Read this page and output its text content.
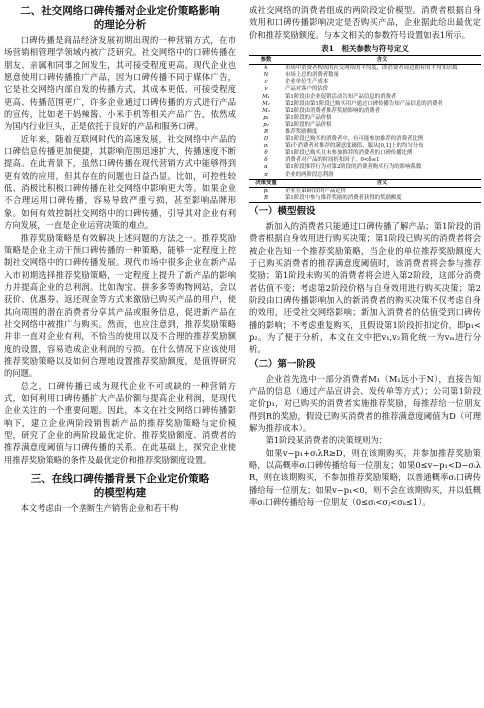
二、社交网络口碑传播对企业定价策略影响
的理论分析

口碑传播是商品经济发展初期出现的一种营销方式，在市场营销相管理学领域内被广泛研究。社交网络中的口碑传播在朋友、亲属和同事之间发生，其可接受程度更高。现代企业也愿意使用口碑传播推广产品，因为口碑传播不同于媒体广告，它是社交网络内部自发的传播方式，其成本更低、可接受程度更高、传播范围更广，许多企业通过口碑传播的方式进行产品的宣传，比如老干妈辣酱、小米手机等相关产品广告，依然成为国内行业巨头，正是依托于良好的产品和服务口碑。

近年来，随着互联网时代的高速发展，社交网络中产品的口碑信息传播更加便捷，其影响范围迅速扩大，传播速度不断提高。在此背景下，虽然口碑传播在现代营销方式中能够得到更有效的应用，但其存在的问题也日益凸显。比如，可控性较低、消极比积极口碑传播在社交网络中影响更大等。如果企业不合理运用口碑传播，容易导致严重亏损，甚至影响品牌形象。如何有效控制社交网络中的口碑传播，引导其对企业有利方向发展，一直是企业运营决策的难点。

推荐奖励策略是有效解决上述问题的方法之一。推荐奖励策略是企业主动干预口碑传播的一种策略，能够一定程度上控制社交网络中的口碑传播发展。现代市场中很多企业在新产品入市初期选择推荐奖励策略，一定程度上提升了新产品的影响力并提高企业的总利润。比如淘宝、拼多多等购物网站，会以获价、优惠券、返还现金等方式来激励已购买产品的用户，使其向周围的潜在消费者分享其产品或服务信息，促进新产品在社交网络中被推广与购买。然而，也应注意到，推荐奖励策略并非一直对企业有利，不恰当的使用以及不合理的推荐奖励额度的设置，容易造成企业利润的亏损。在什么情况下应该使用推荐奖励策略以及如何合理地设置推荐奖励额度，是值得研究的问题。

总之，口碑传播已成为现代企业不可或缺的一种营销方式，如何利用口碑传播扩大产品价额与提高企业利润，是现代企业关注的一个重要问题。因此，本文在社交网络口碑传播影响下，建立企业两阶段销售新产品的推荐奖励策略与定价模型，研究了企业的两阶段最优定价、推荐奖励额度、消费者的推荐满意度阈值与口碑传播的关系。在此基础上，探究企业使用推荐奖励策略的条件及最优定价和推荐奖励额度设置。

三、在线口碑传播背景下企业定价策略
的模型构建

本文考虑由一个垄断生产销售企业和若干构

成社交网络的消费者组成的两阶段定价模型。消费者根据自身效用和口碑传播影响决定是否购买产品，企业据此给出最优定价和推荐奖励额度。与本文相关的参数符号设置如表1所示。

表1　相关参数与符号定义
参数	含义
k	市场中消费者构成的社交网络的平均度，即消费者周边拥有的平均邻居数
N	市场上总的消费者数量
c	企业单位生产成本
v	产品对客户的估价
M₁	第1阶段由企业促销活动告知产品信息的消费者
M₂	第2阶段由第1阶段已购买用户通过口碑传播告知产品信息的消费者
M₃	第2阶段由消费者推荐奖励影响的消费者
p₁	第1阶段的产品价格
p₂	第2阶段的产品价格
R	推荐奖励额度
D	第1阶段已购买的消费者中，有可能参加推荐的消费者比例
σᵢ	第i个消费者对推荐的满意度阈值，服从[0,1]上的均匀分布
θ	第1阶段已购买且未参加推荐的消费者的口碑传播比例
δ	消费者对产品的时间折扣因子，0<δ≤1
α	第1阶段推荐行为对第2阶段的消费者购买行为的影响系数
π	企业的两阶段总利润
决策变量	含义
pᵢ	企业在第i阶段的产品定价
R	第1阶段中参与推荐奖励的消费者获得的奖励额度
（一）模型假设

新加入的消费者只能通过口碑传播了解产品；第1阶段的消费者根据自身效用进行购买决策；第1阶段已购买的消费者将会被企业告知一个推荐奖励策略，当企业的单位推荐奖励额度大于已购买消费者的推荐满意度阈值时，该消费者将会参与推荐奖励；第1阶段未购买的消费者将会进入第2阶段，这部分消费者估值不变；考虑第2阶段价格与自身效用进行购买决策；第2阶段由口碑传播影响加入的新消费者的购买决策不仅考虑自身的效用，还受社交网络影响；新加入消费者的估值受到口碑传播的影响；不考虑重复购买，且假设第1阶段折扣定价，即p₁<p₂。为了便于分析，本文在文中把v₁,v₂简化统一为vₘ进行分析。

（二）第一阶段

企业首先选中一部分消费者M₁（M₁远小于N），直接告知产品的信息（通过产品宣讲会、发传单等方式）；公司第1阶段定价p₁，对已购买的消费者实施推荐奖励，每推荐给一位朋友得到R的奖励，假设已购买消费者的推荐满意度阈值为D（可理解为推荐成本）。

第1阶段某消费者的决策规则为：

如果v−p₁+σᵢλR≥D，则在该期购买，并参加推荐奖励策略，以高概率σᵢ口碑传播给每一位朋友；如果0≤v−p₁<D−σᵢλR，则在该期购买，不参加推荐奖励策略，以普通概率σᵢ口碑传播给每一位朋友；如果v−p₁<0，则不会在该期购买，并以低概率σᵢ口碑传播给每一位朋友（0≤σᵢ<σⱼ<σₖ≤1）。
